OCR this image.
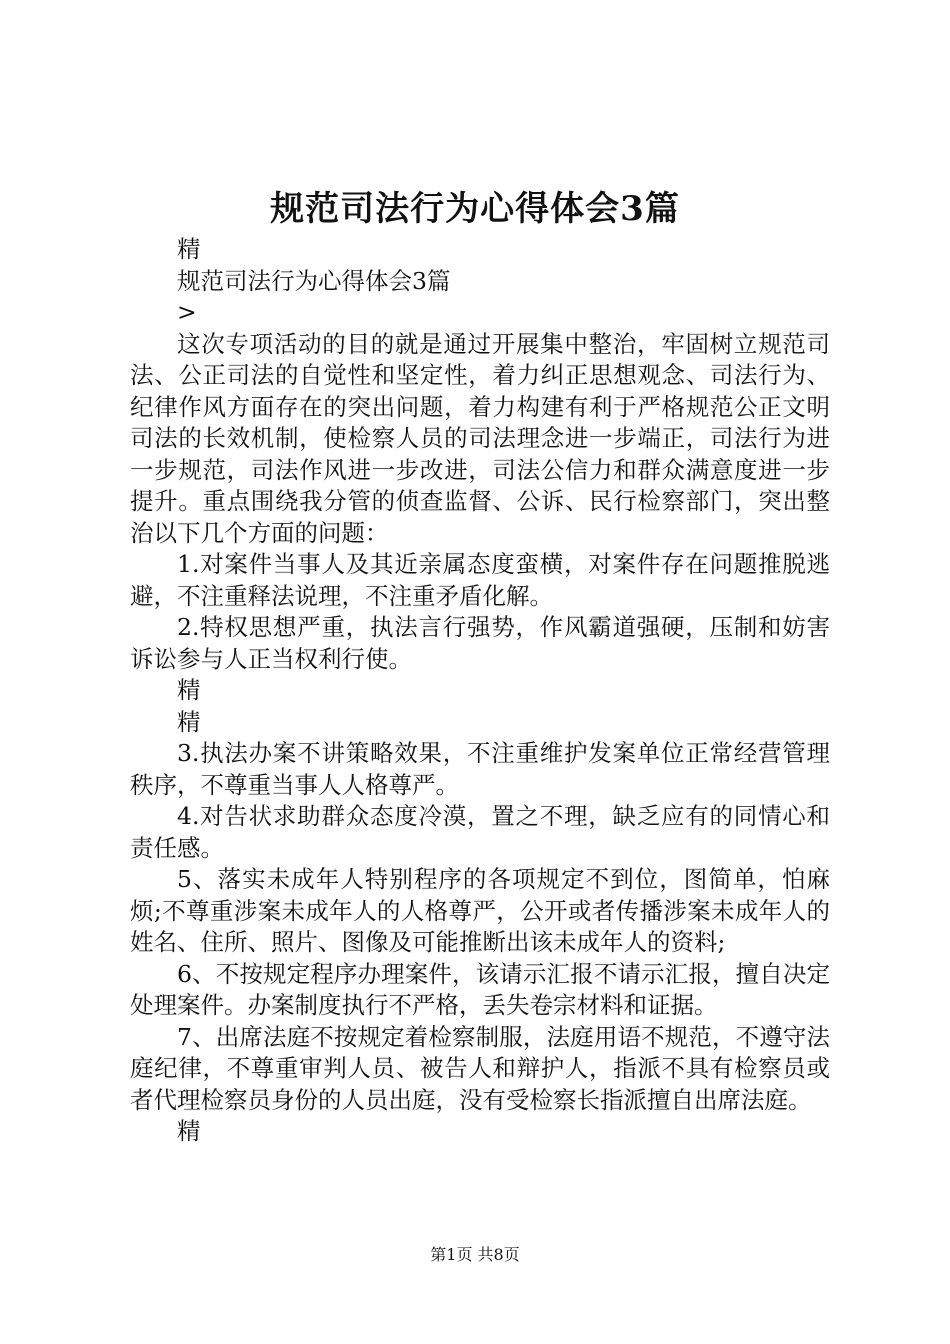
规范司法行为心得体会3篇

精

规范司法行为心得体会3篇

>

这次专项活动的目的就是通过开展集中整治，牢固树立规范司法、公正司法的自觉性和坚定性，着力纠正思想观念、司法行为、纪律作风方面存在的突出问题，着力构建有利于严格规范公正文明司法的长效机制，使检察人员的司法理念进一步端正，司法行为进一步规范，司法作风进一步改进，司法公信力和群众满意度进一步提升。重点围绕我分管的侦查监督、公诉、民行检察部门，突出整治以下几个方面的问题：

1.对案件当事人及其近亲属态度蛮横，对案件存在问题推脱逃避，不注重释法说理，不注重矛盾化解。

2.特权思想严重，执法言行强势，作风霸道强硬，压制和妨害诉讼参与人正当权利行使。

精

精

3.执法办案不讲策略效果，不注重维护发案单位正常经营管理秩序，不尊重当事人人格尊严。

4.对告状求助群众态度冷漠，置之不理，缺乏应有的同情心和责任感。

5、落实未成年人特别程序的各项规定不到位，图简单，怕麻烦;不尊重涉案未成年人的人格尊严，公开或者传播涉案未成年人的姓名、住所、照片、图像及可能推断出该未成年人的资料;

6、不按规定程序办理案件，该请示汇报不请示汇报，擅自决定处理案件。办案制度执行不严格，丢失卷宗材料和证据。

7、出席法庭不按规定着检察制服，法庭用语不规范，不遵守法庭纪律，不尊重审判人员、被告人和辩护人，指派不具有检察员或者代理检察员身份的人员出庭，没有受检察长指派擅自出席法庭。

精

第1页 共8页
